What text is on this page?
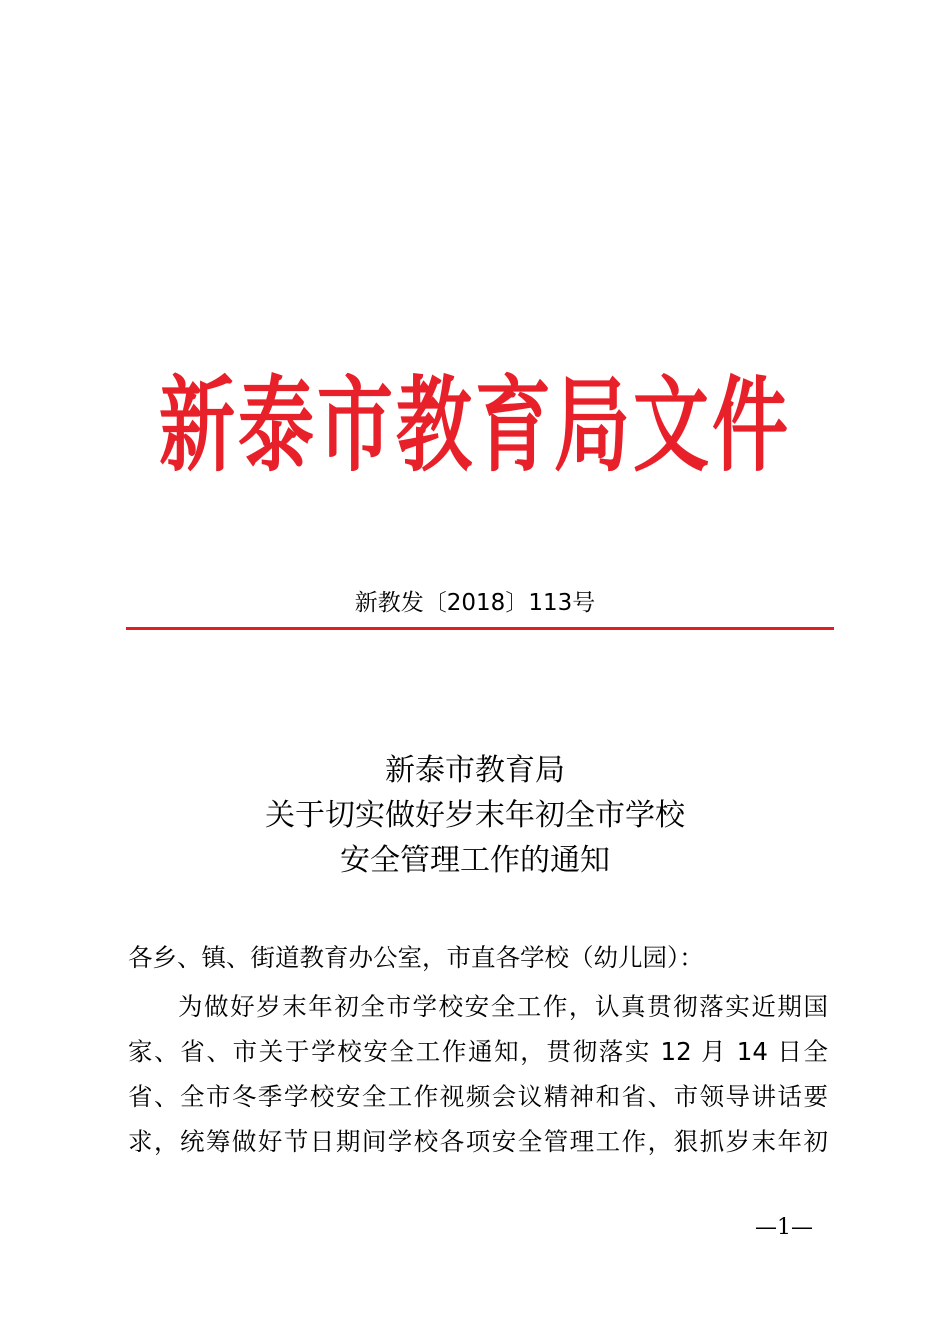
新泰市教育局文件
新教发〔2018〕113号
新泰市教育局
关于切实做好岁末年初全市学校
安全管理工作的通知
各乡、镇、街道教育办公室，市直各学校（幼儿园）：
为做好岁末年初全市学校安全工作，认真贯彻落实近期国
家、省、市关于学校安全工作通知，贯彻落实 12 月 14 日全
省、全市冬季学校安全工作视频会议精神和省、市领导讲话要
求，统筹做好节日期间学校各项安全管理工作，狠抓岁末年初
—1—
